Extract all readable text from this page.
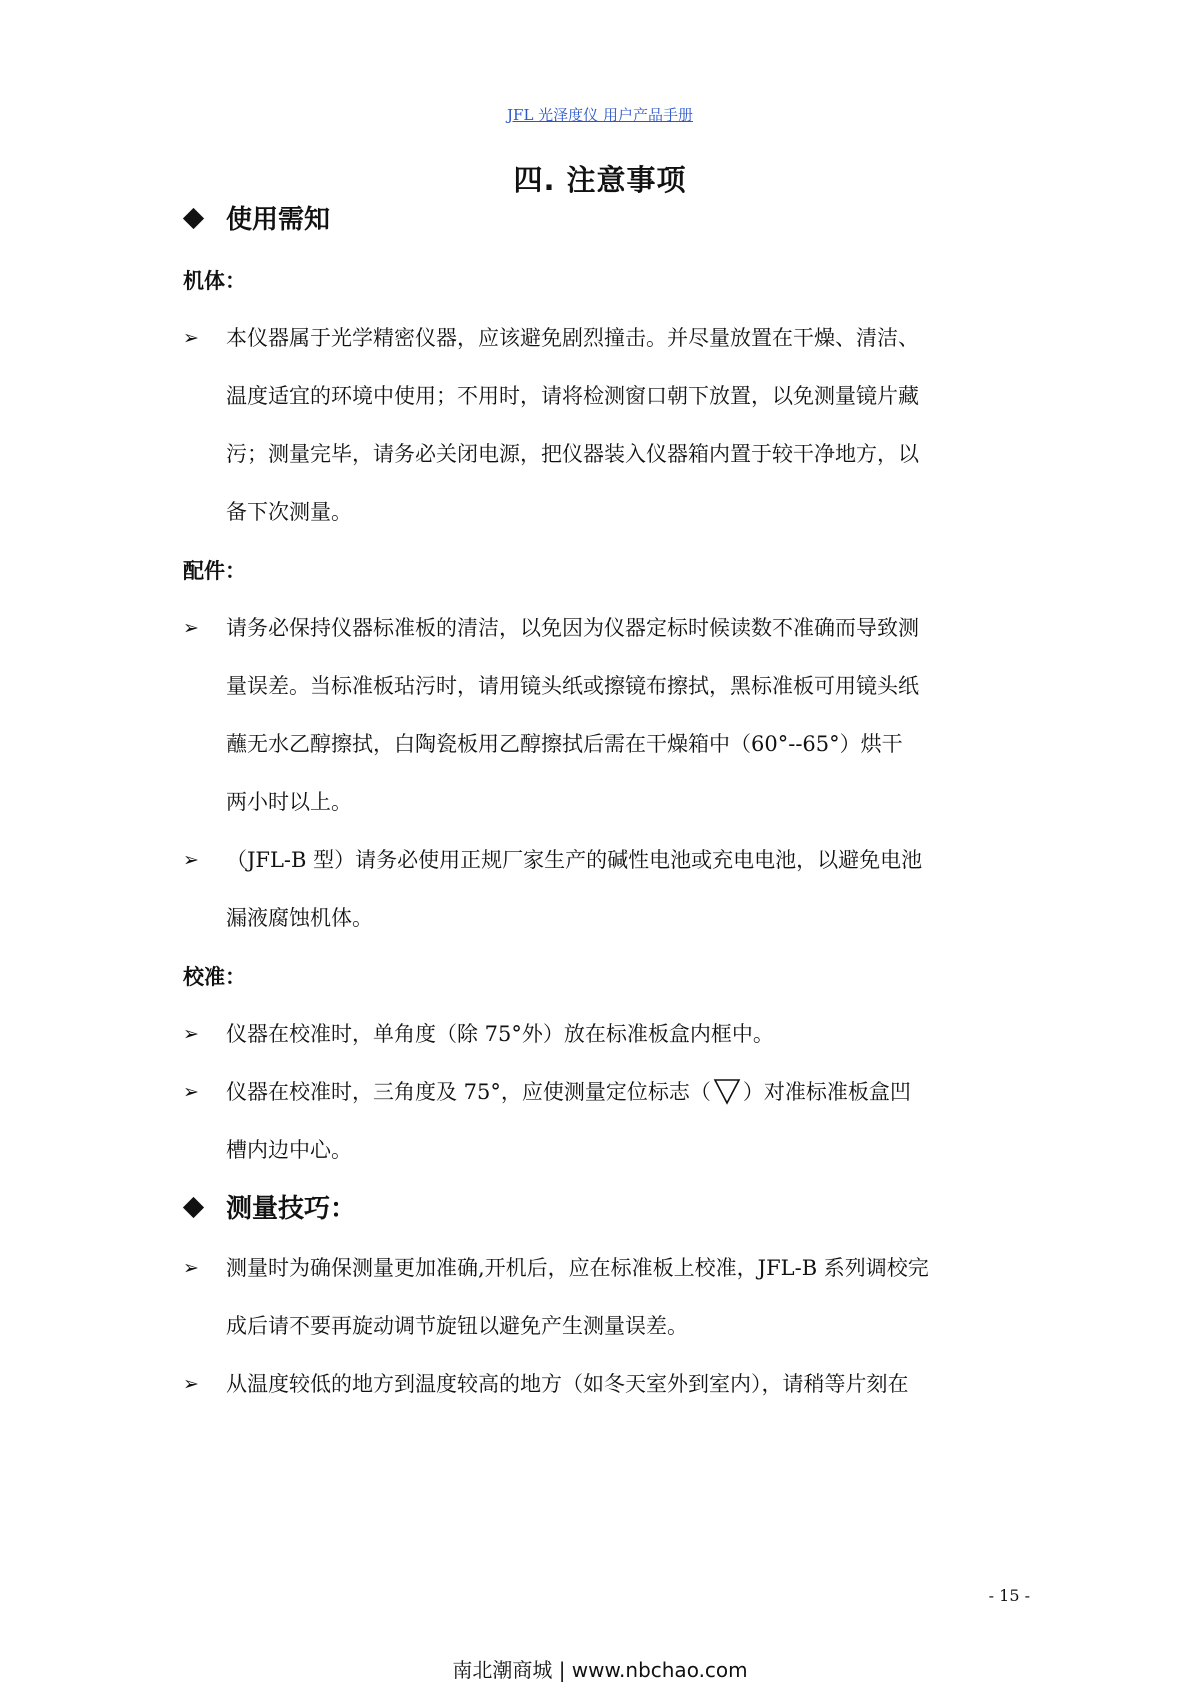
JFL 光泽度仪 用户产品手册
四. 注意事项
使用需知
机体：
➢ 本仪器属于光学精密仪器，应该避免剧烈撞击。并尽量放置在干燥、清洁、
温度适宜的环境中使用；不用时，请将检测窗口朝下放置，以免测量镜片藏
污；测量完毕，请务必关闭电源，把仪器装入仪器箱内置于较干净地方，以
备下次测量。
配件：
➢ 请务必保持仪器标准板的清洁，以免因为仪器定标时候读数不准确而导致测
量误差。当标准板玷污时，请用镜头纸或擦镜布擦拭，黑标准板可用镜头纸
蘸无水乙醇擦拭，白陶瓷板用乙醇擦拭后需在干燥箱中（60°--65°）烘干
两小时以上。
➢ （JFL-B 型）请务必使用正规厂家生产的碱性电池或充电电池，以避免电池
漏液腐蚀机体。
校准：
➢ 仪器在校准时，单角度（除 75°外）放在标准板盒内框中。
➢ 仪器在校准时，三角度及 75°，应使测量定位标志（ ）对准标准板盒凹
槽内边中心。
测量技巧：
➢ 测量时为确保测量更加准确,开机后，应在标准板上校准，JFL-B 系列调校完
成后请不要再旋动调节旋钮以避免产生测量误差。
➢ 从温度较低的地方到温度较高的地方（如冬天室外到室内），请稍等片刻在
- 15 -
南北潮商城 | www.nbchao.com
